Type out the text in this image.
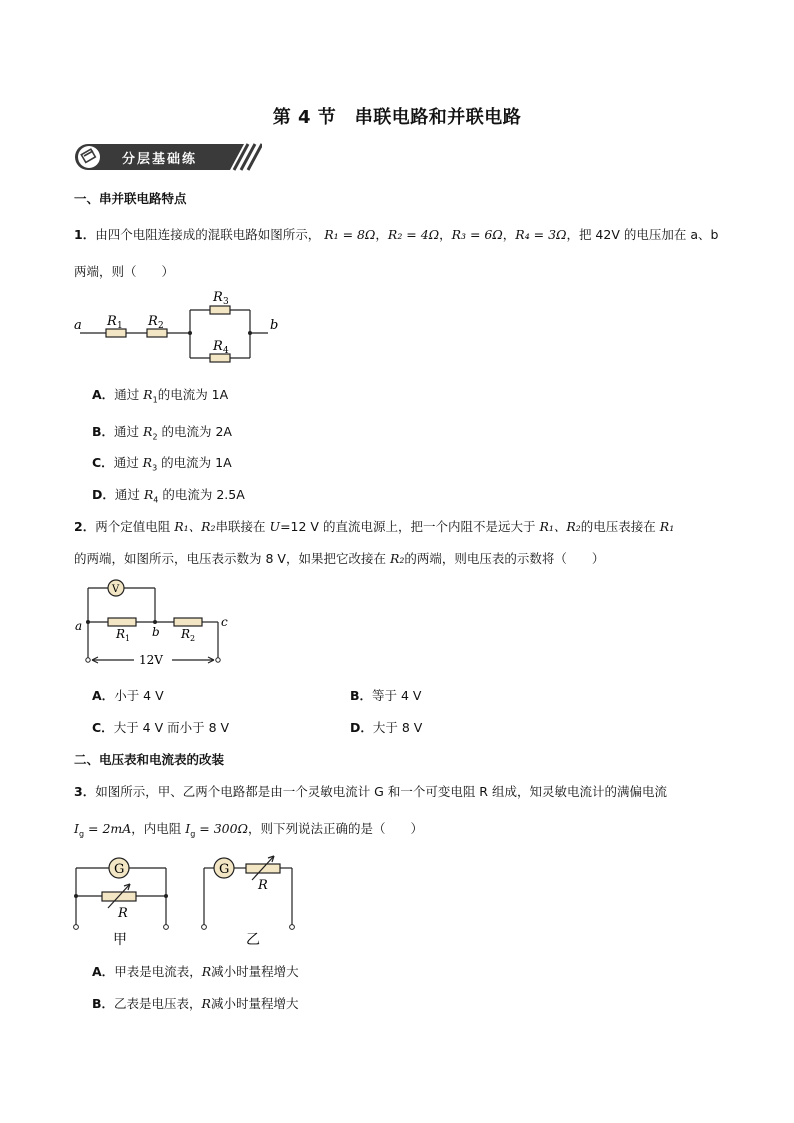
第 4 节　串联电路和并联电路
分层基础练
一、串并联电路特点
1．由四个电阻连接成的混联电路如图所示， R₁ = 8Ω，R₂ = 4Ω，R₃ = 6Ω，R₄ = 3Ω，把 42V 的电压加在 a、b
两端，则（　　）
a	b
R 1 R 2
R 3
R 4
A．通过 $R_1$的电流为 1A
B．通过 $R_2$ 的电流为 2A
C．通过 $R_3$ 的电流为 1A
D．通过 $R_4$ 的电流为 2.5A
2．两个定值电阻 R₁、R₂串联接在 U=12 V 的直流电源上，把一个内阻不是远大于 R₁、R₂的电压表接在 R₁
的两端，如图所示，电压表示数为 8 V，如果把它改接在 R₂的两端，则电压表的示数将（　　）
V
a	b
c
R 1	R 2
12V
A．小于 4 V	B．等于 4 V
C．大于 4 V 而小于 8 V	D．大于 8 V
二、电压表和电流表的改装
3．如图所示，甲、乙两个电路都是由一个灵敏电流计 G 和一个可变电阻 R 组成，知灵敏电流计的满偏电流
$I_g = 2mA$，内电阻 $I_g = 300\Omega$，则下列说法正确的是（　　）
G
R
甲
G
R
乙
A．甲表是电流表，R减小时量程增大
B．乙表是电压表，R减小时量程增大
